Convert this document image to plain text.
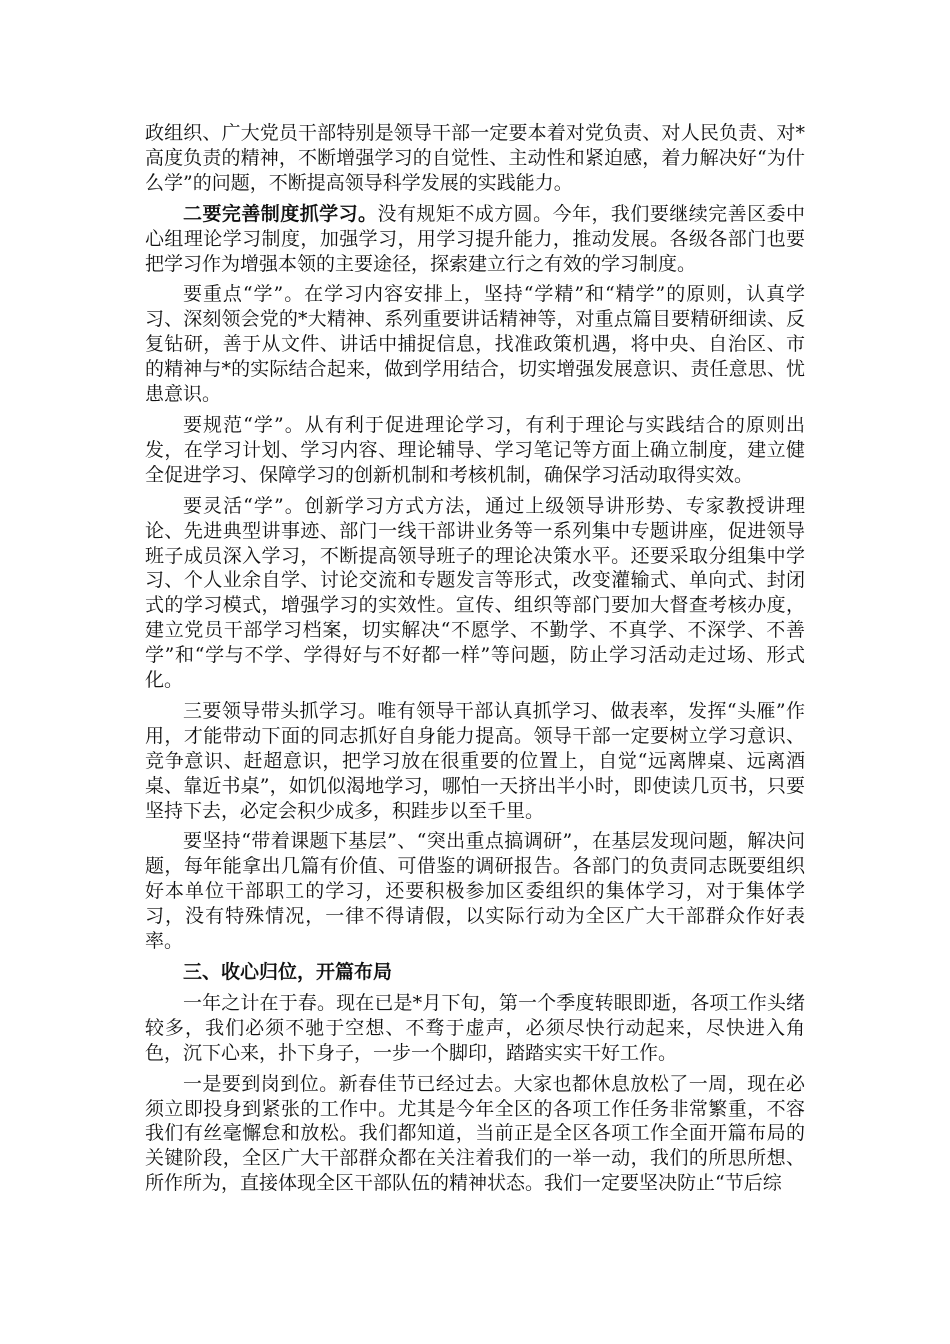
政组织、广大党员干部特别是领导干部一定要本着对党负责、对人民负责、对*高度负责的精神，不断增强学习的自觉性、主动性和紧迫感，着力解决好“为什么学”的问题，不断提高领导科学发展的实践能力。

二要完善制度抓学习。没有规矩不成方圆。今年，我们要继续完善区委中心组理论学习制度，加强学习，用学习提升能力，推动发展。各级各部门也要把学习作为增强本领的主要途径，探索建立行之有效的学习制度。

要重点“学”。在学习内容安排上，坚持“学精”和“精学”的原则，认真学习、深刻领会党的*大精神、系列重要讲话精神等，对重点篇目要精研细读、反复钻研，善于从文件、讲话中捕捉信息，找准政策机遇，将中央、自治区、市的精神与*的实际结合起来，做到学用结合，切实增强发展意识、责任意思、忧患意识。

要规范“学”。从有利于促进理论学习，有利于理论与实践结合的原则出发，在学习计划、学习内容、理论辅导、学习笔记等方面上确立制度，建立健全促进学习、保障学习的创新机制和考核机制，确保学习活动取得实效。

要灵活“学”。创新学习方式方法，通过上级领导讲形势、专家教授讲理论、先进典型讲事迹、部门一线干部讲业务等一系列集中专题讲座，促进领导班子成员深入学习，不断提高领导班子的理论决策水平。还要采取分组集中学习、个人业余自学、讨论交流和专题发言等形式，改变灌输式、单向式、封闭式的学习模式，增强学习的实效性。宣传、组织等部门要加大督查考核办度，建立党员干部学习档案，切实解决“不愿学、不勤学、不真学、不深学、不善学”和“学与不学、学得好与不好都一样”等问题，防止学习活动走过场、形式化。

三要领导带头抓学习。唯有领导干部认真抓学习、做表率，发挥“头雁”作用，才能带动下面的同志抓好自身能力提高。领导干部一定要树立学习意识、竞争意识、赶超意识，把学习放在很重要的位置上，自觉“远离牌桌、远离酒桌、靠近书桌”，如饥似渴地学习，哪怕一天挤出半小时，即使读几页书，只要坚持下去，必定会积少成多，积跬步以至千里。

要坚持“带着课题下基层”、“突出重点搞调研”，在基层发现问题，解决问题，每年能拿出几篇有价值、可借鉴的调研报告。各部门的负责同志既要组织好本单位干部职工的学习，还要积极参加区委组织的集体学习，对于集体学习，没有特殊情况，一律不得请假，以实际行动为全区广大干部群众作好表率。

三、收心归位，开篇布局

一年之计在于春。现在已是*月下旬，第一个季度转眼即逝，各项工作头绪较多，我们必须不驰于空想、不骛于虚声，必须尽快行动起来，尽快进入角色，沉下心来，扑下身子，一步一个脚印，踏踏实实干好工作。

一是要到岗到位。新春佳节已经过去。大家也都休息放松了一周，现在必须立即投身到紧张的工作中。尤其是今年全区的各项工作任务非常繁重，不容我们有丝毫懈怠和放松。我们都知道，当前正是全区各项工作全面开篇布局的关键阶段，全区广大干部群众都在关注着我们的一举一动，我们的所思所想、所作所为，直接体现全区干部队伍的精神状态。我们一定要坚决防止“节后综
